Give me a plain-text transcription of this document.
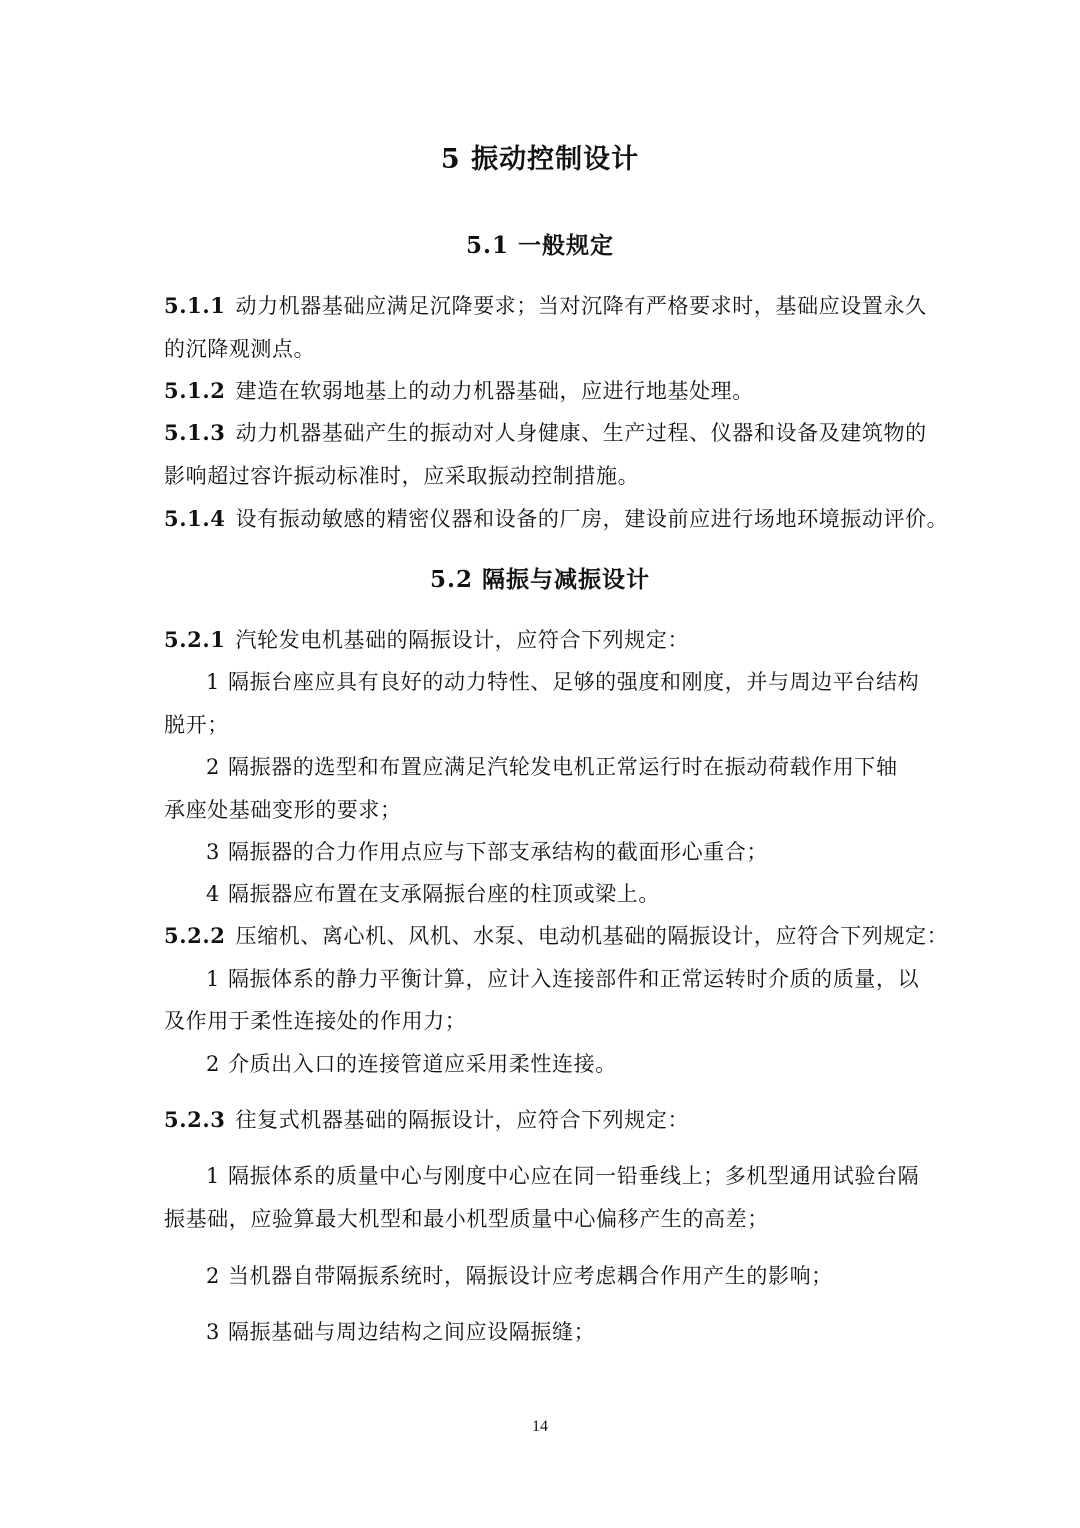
5 振动控制设计
5.1 一般规定
5.1.1 动力机器基础应满足沉降要求；当对沉降有严格要求时，基础应设置永久
的沉降观测点。
5.1.2 建造在软弱地基上的动力机器基础，应进行地基处理。
5.1.3 动力机器基础产生的振动对人身健康、生产过程、仪器和设备及建筑物的
影响超过容许振动标准时，应采取振动控制措施。
5.1.4 设有振动敏感的精密仪器和设备的厂房，建设前应进行场地环境振动评价。
5.2 隔振与减振设计
5.2.1 汽轮发电机基础的隔振设计，应符合下列规定：
1 隔振台座应具有良好的动力特性、足够的强度和刚度，并与周边平台结构
脱开；
2 隔振器的选型和布置应满足汽轮发电机正常运行时在振动荷载作用下轴
承座处基础变形的要求；
3 隔振器的合力作用点应与下部支承结构的截面形心重合；
4 隔振器应布置在支承隔振台座的柱顶或梁上。
5.2.2 压缩机、离心机、风机、水泵、电动机基础的隔振设计，应符合下列规定：
1 隔振体系的静力平衡计算，应计入连接部件和正常运转时介质的质量，以
及作用于柔性连接处的作用力；
2 介质出入口的连接管道应采用柔性连接。
5.2.3 往复式机器基础的隔振设计，应符合下列规定：
1 隔振体系的质量中心与刚度中心应在同一铅垂线上；多机型通用试验台隔
振基础，应验算最大机型和最小机型质量中心偏移产生的高差；
2 当机器自带隔振系统时，隔振设计应考虑耦合作用产生的影响；
3 隔振基础与周边结构之间应设隔振缝；
14
